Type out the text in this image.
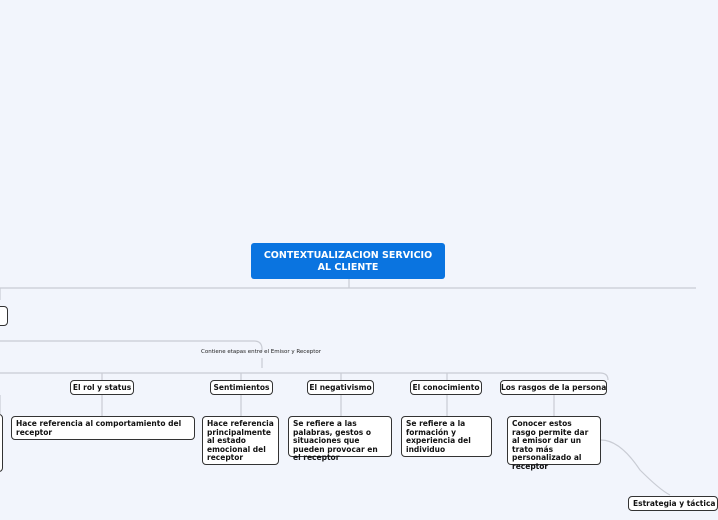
CONTEXTUALIZACION SERVICIO
AL CLIENTE
Contiene etapas entre el Emisor y Receptor
El rol y status	Sentimientos	El negativismo	El conocimiento	Los rasgos de la persona
Hace referencia al comportamiento del receptor
Hace referencia principalmente al estado emocional del receptor
Se refiere a las palabras, gestos o situaciones que pueden provocar en el receptor
Se refiere a la formación y experiencia del individuo
Conocer estos rasgo permite dar al emisor dar un trato más personalizado al receptor
Estrategia y táctica
